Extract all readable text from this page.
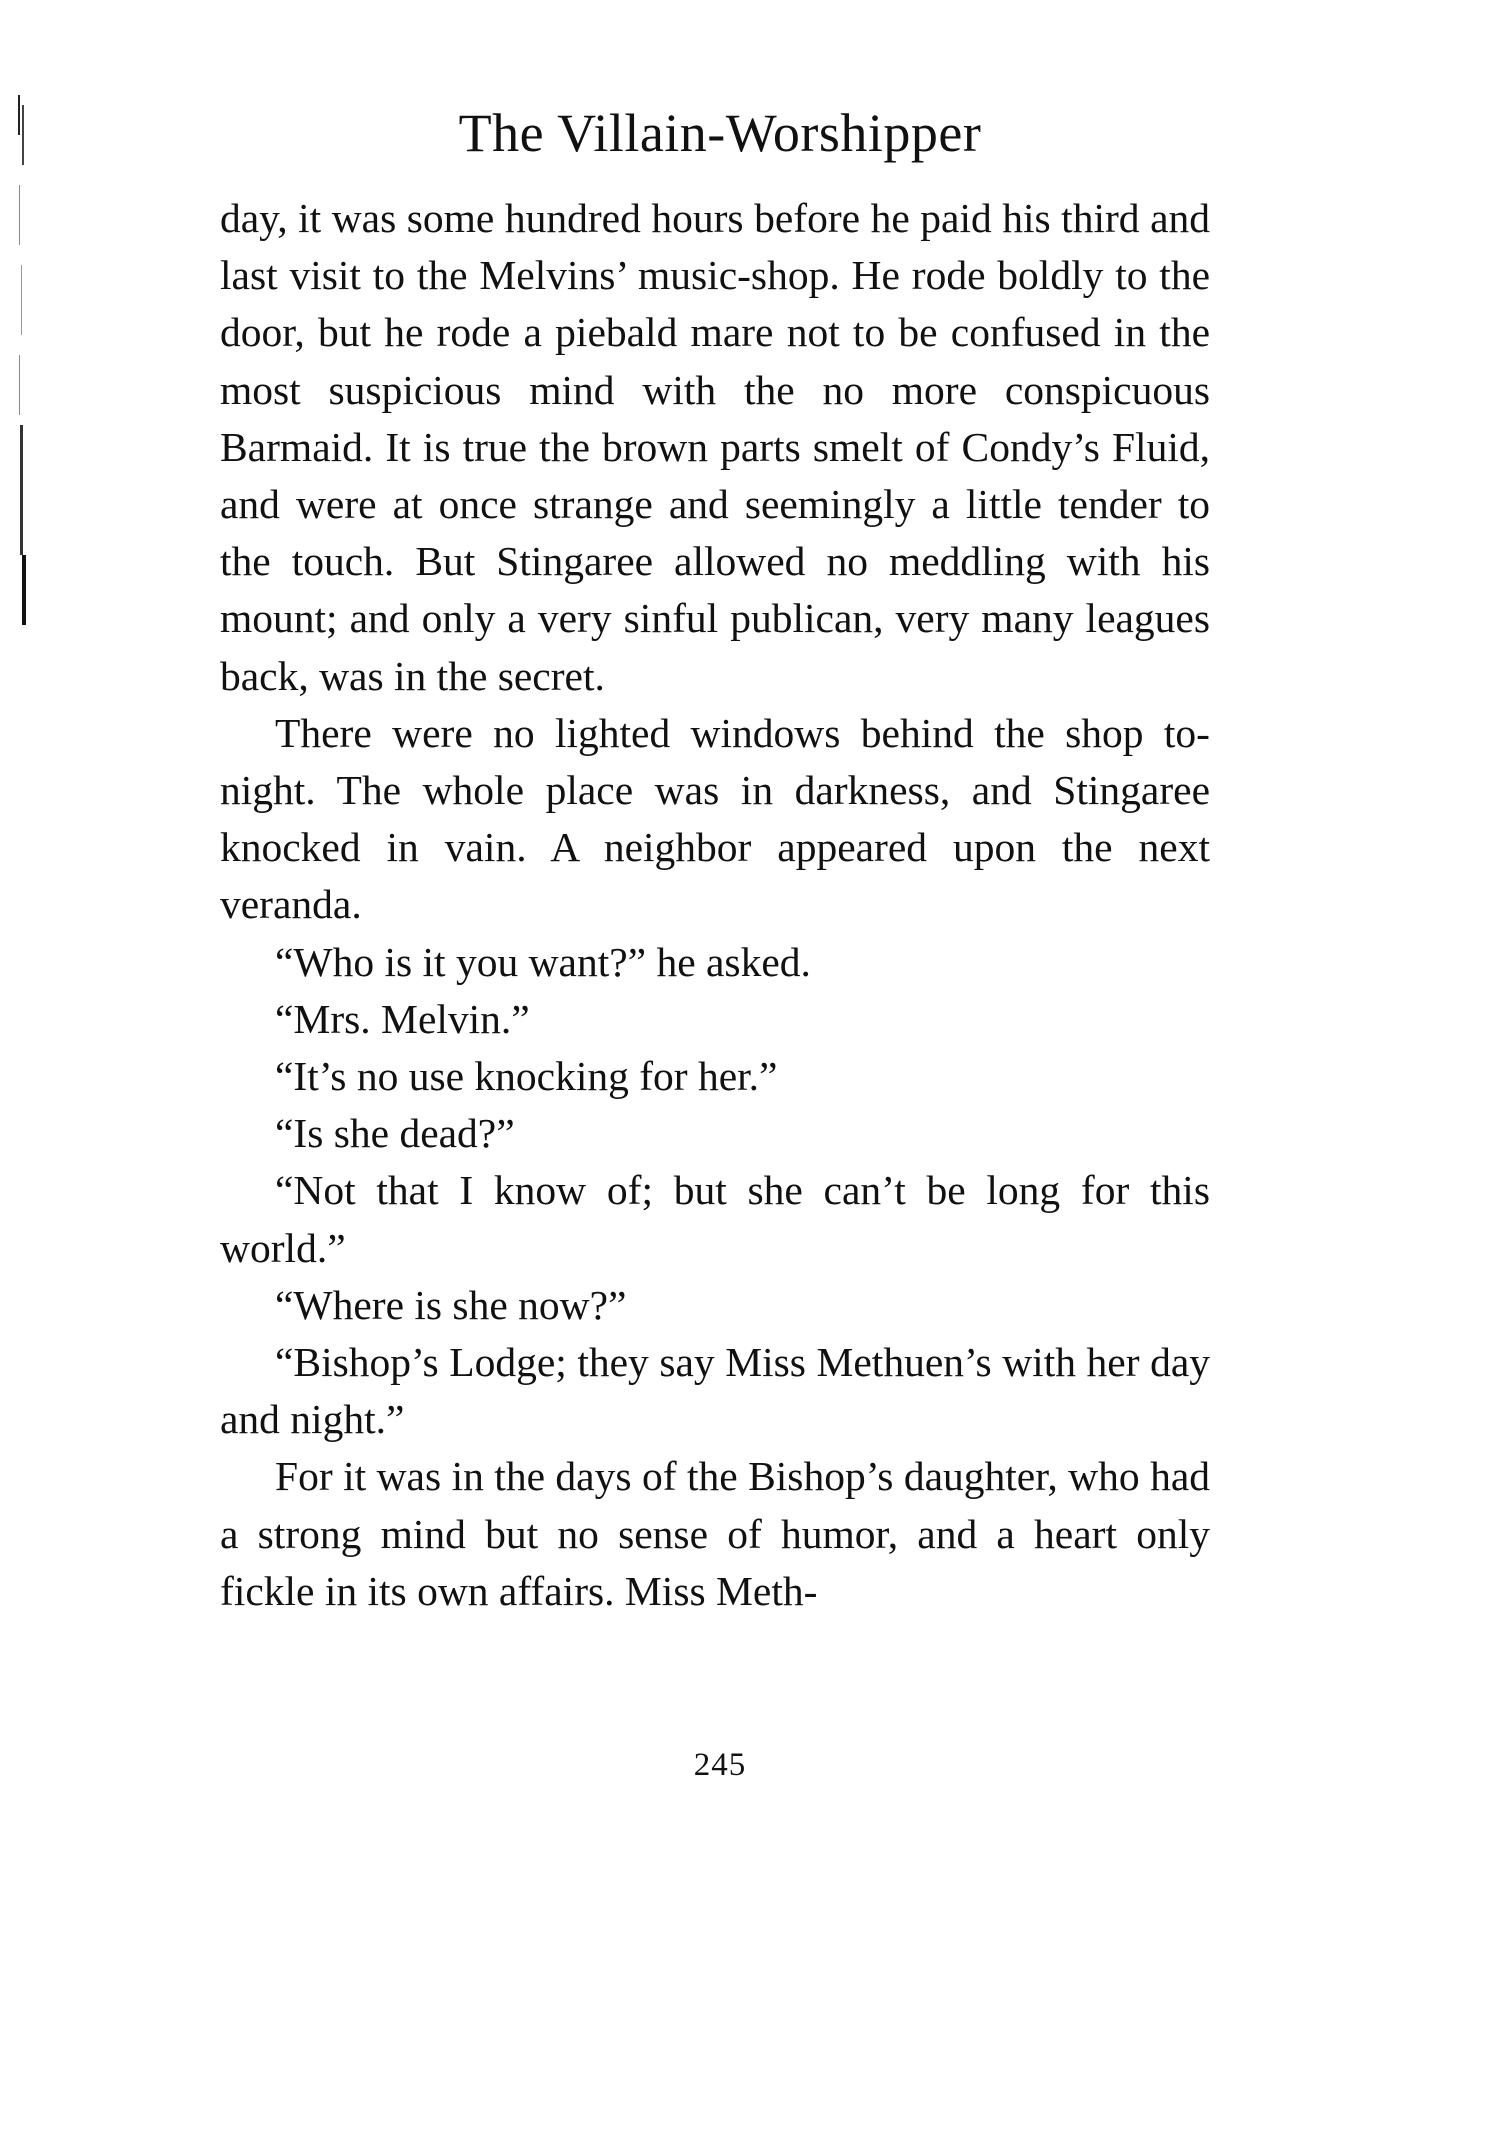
The Villain-Worshipper

day, it was some hundred hours before he paid his third and last visit to the Melvins’ music-shop. He rode boldly to the door, but he rode a piebald mare not to be confused in the most suspicious mind with the no more conspicuous Barmaid. It is true the brown parts smelt of Condy’s Fluid, and were at once strange and seemingly a little tender to the touch. But Stingaree allowed no meddling with his mount; and only a very sinful publican, very many leagues back, was in the secret.

There were no lighted windows behind the shop to-night. The whole place was in darkness, and Stingaree knocked in vain. A neighbor appeared upon the next veranda.

“Who is it you want?” he asked.

“Mrs. Melvin.”

“It’s no use knocking for her.”

“Is she dead?”

“Not that I know of; but she can’t be long for this world.”

“Where is she now?”

“Bishop’s Lodge; they say Miss Methuen’s with her day and night.”

For it was in the days of the Bishop’s daughter, who had a strong mind but no sense of humor, and a heart only fickle in its own affairs. Miss Meth-

245
